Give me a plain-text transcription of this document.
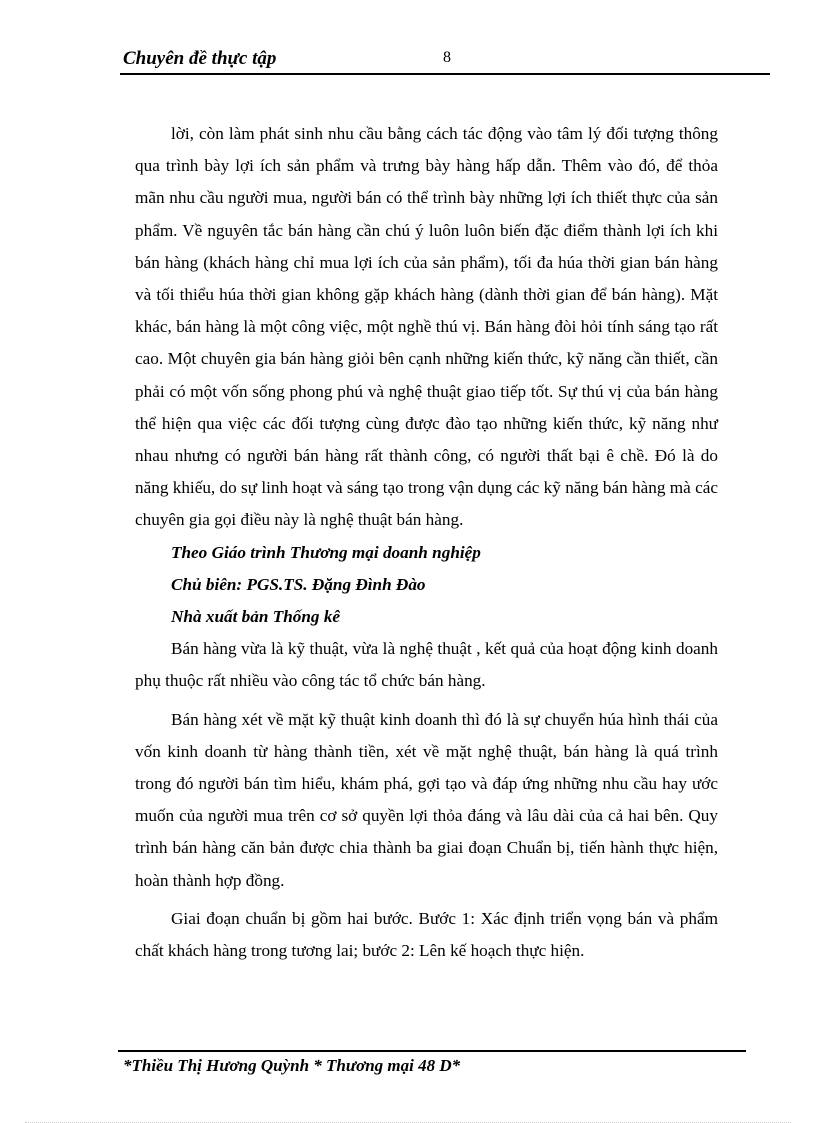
Chuyên đề thực tập	8

lời, còn làm phát sinh nhu cầu bằng cách tác động vào tâm lý đối tượng thông qua trình bày lợi ích sản phẩm và trưng bày hàng hấp dẫn. Thêm vào đó, để thỏa mãn nhu cầu người mua, người bán có thể trình bày những lợi ích thiết thực của sản phẩm. Về nguyên tắc bán hàng cần chú ý luôn luôn biến đặc điểm thành lợi ích khi bán hàng (khách hàng chỉ mua lợi ích của sản phẩm), tối đa húa thời gian bán hàng và tối thiểu húa thời gian không gặp khách hàng (dành thời gian để bán hàng). Mặt khác, bán hàng là một công việc, một nghề thú vị. Bán hàng đòi hỏi tính sáng tạo rất cao. Một chuyên gia bán hàng giỏi bên cạnh những kiến thức, kỹ năng cần thiết, cần phải có một vốn sống phong phú và nghệ thuật giao tiếp tốt. Sự thú vị của bán hàng thể hiện qua việc các đối tượng cùng được đào tạo những kiến thức, kỹ năng như nhau nhưng có người bán hàng rất thành công, có người thất bại ê chề. Đó là do năng khiếu, do sự linh hoạt và sáng tạo trong vận dụng các kỹ năng bán hàng mà các chuyên gia gọi điều này là nghệ thuật bán hàng.

Theo Giáo trình Thương mại doanh nghiệp

Chủ biên: PGS.TS. Đặng Đình Đào

Nhà xuất bản Thống kê

Bán hàng vừa là kỹ thuật, vừa là nghệ thuật , kết quả của hoạt động kinh doanh phụ thuộc rất nhiều vào công tác tổ chức bán hàng.

Bán hàng xét về mặt kỹ thuật kinh doanh thì đó là sự chuyển húa hình thái của vốn kinh doanh từ hàng thành tiền, xét về mặt nghệ thuật, bán hàng là quá trình trong đó người bán tìm hiểu, khám phá, gợi tạo và đáp ứng những nhu cầu hay ước muốn của người mua trên cơ sở quyền lợi thỏa đáng và lâu dài của cả hai bên. Quy trình bán hàng căn bản được chia thành ba giai đoạn Chuẩn bị, tiến hành thực hiện, hoàn thành hợp đồng.

Giai đoạn chuẩn bị gồm hai bước. Bước 1: Xác định triển vọng bán và phẩm chất khách hàng trong tương lai; bước 2: Lên kế hoạch thực hiện.

*Thiều Thị Hương Quỳnh * Thương mại 48 D*
